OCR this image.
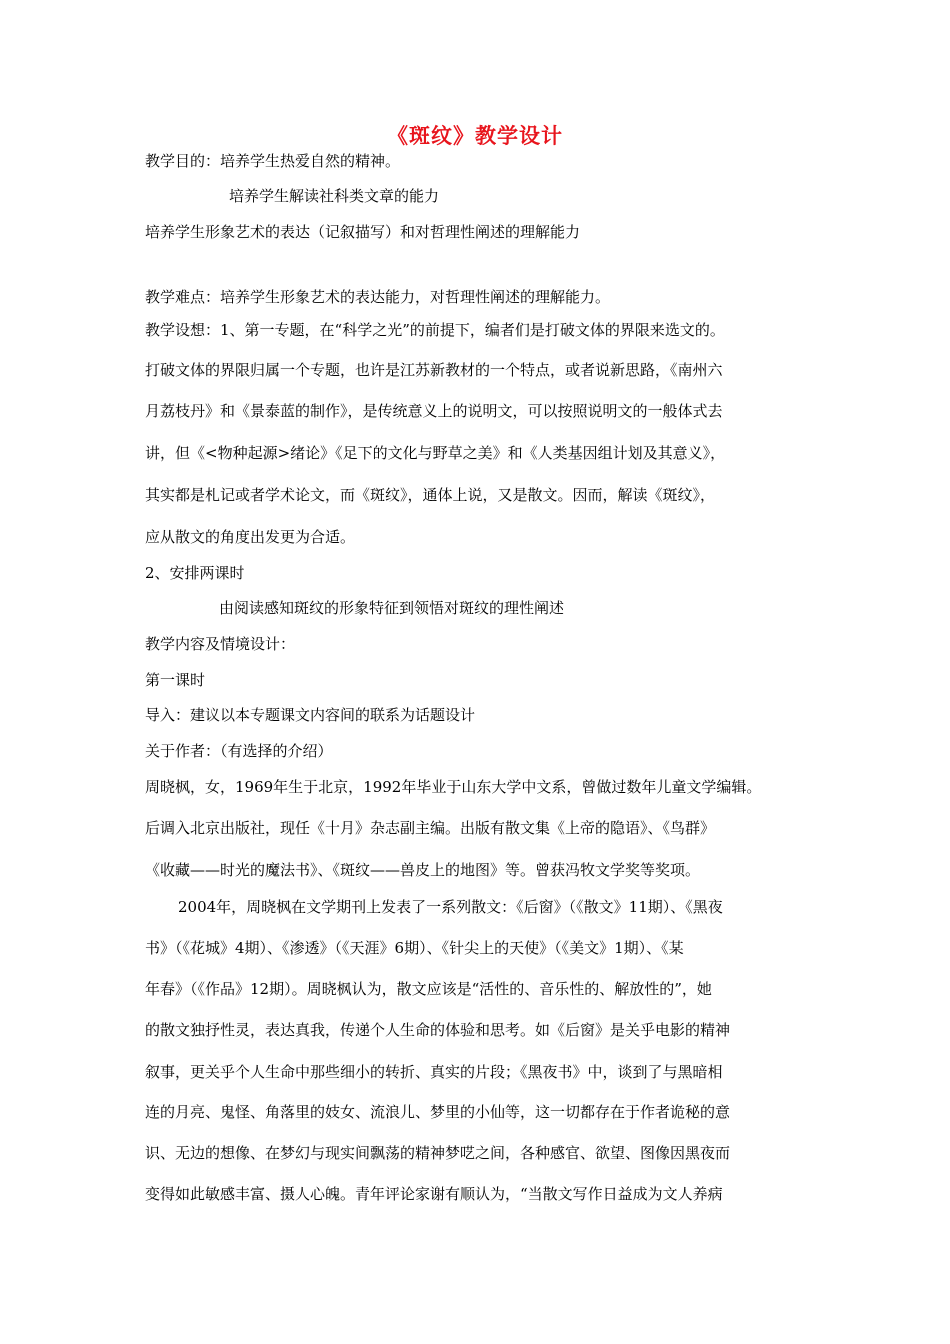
《斑纹》教学设计
教学目的：培养学生热爱自然的精神。
培养学生解读社科类文章的能力
培养学生形象艺术的表达（记叙描写）和对哲理性阐述的理解能力
教学难点：培养学生形象艺术的表达能力，对哲理性阐述的理解能力。
教学设想：1、第一专题，在“科学之光”的前提下，编者们是打破文体的界限来选文的。
打破文体的界限归属一个专题，也许是江苏新教材的一个特点，或者说新思路，《南州六
月荔枝丹》和《景泰蓝的制作》，是传统意义上的说明文，可以按照说明文的一般体式去
讲，但《<物种起源>绪论》《足下的文化与野草之美》和《人类基因组计划及其意义》，
其实都是札记或者学术论文，而《斑纹》，通体上说，又是散文。因而，解读《斑纹》，
应从散文的角度出发更为合适。
2、安排两课时
由阅读感知斑纹的形象特征到领悟对斑纹的理性阐述
教学内容及情境设计：
第一课时
导入：建议以本专题课文内容间的联系为话题设计
关于作者：（有选择的介绍）
周晓枫，女，1969年生于北京，1992年毕业于山东大学中文系，曾做过数年儿童文学编辑。
后调入北京出版社，现任《十月》杂志副主编。出版有散文集《上帝的隐语》、《鸟群》
《收藏——时光的魔法书》、《斑纹——兽皮上的地图》等。曾获冯牧文学奖等奖项。
2004年，周晓枫在文学期刊上发表了一系列散文：《后窗》（《散文》11期）、《黑夜
书》（《花城》4期）、《渗透》（《天涯》6期）、《针尖上的天使》（《美文》1期）、《某
年春》（《作品》12期）。周晓枫认为，散文应该是“活性的、音乐性的、解放性的”，她
的散文独抒性灵，表达真我，传递个人生命的体验和思考。如《后窗》是关乎电影的精神
叙事，更关乎个人生命中那些细小的转折、真实的片段；《黑夜书》中，谈到了与黑暗相
连的月亮、鬼怪、角落里的妓女、流浪儿、梦里的小仙等，这一切都存在于作者诡秘的意
识、无边的想像、在梦幻与现实间飘荡的精神梦呓之间，各种感官、欲望、图像因黑夜而
变得如此敏感丰富、摄人心魄。青年评论家谢有顺认为，“当散文写作日益成为文人养病
